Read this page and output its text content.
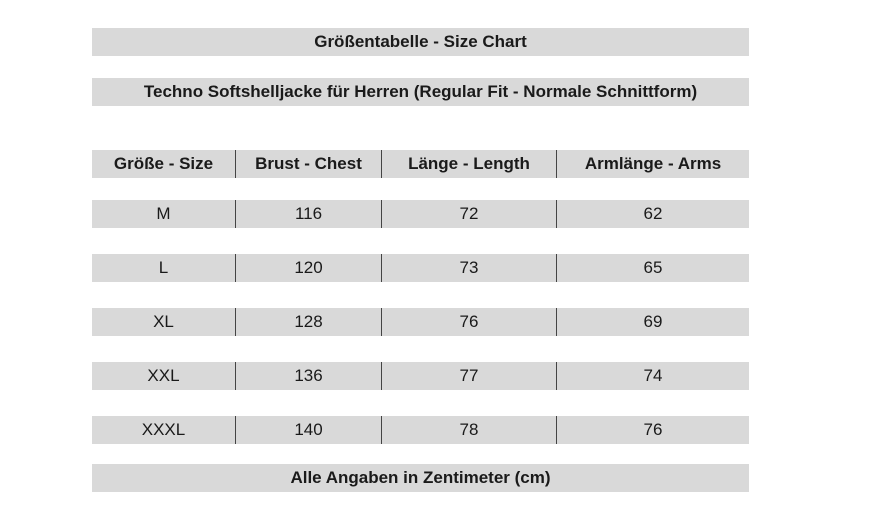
Größentabelle - Size Chart
Techno Softshelljacke für Herren (Regular Fit - Normale Schnittform)
Größe - Size	Brust - Chest	Länge - Length	Armlänge - Arms
M	116	72	62
L	120	73	65
XL	128	76	69
XXL	136	77	74
XXXL	140	78	76
Alle Angaben in Zentimeter (cm)
